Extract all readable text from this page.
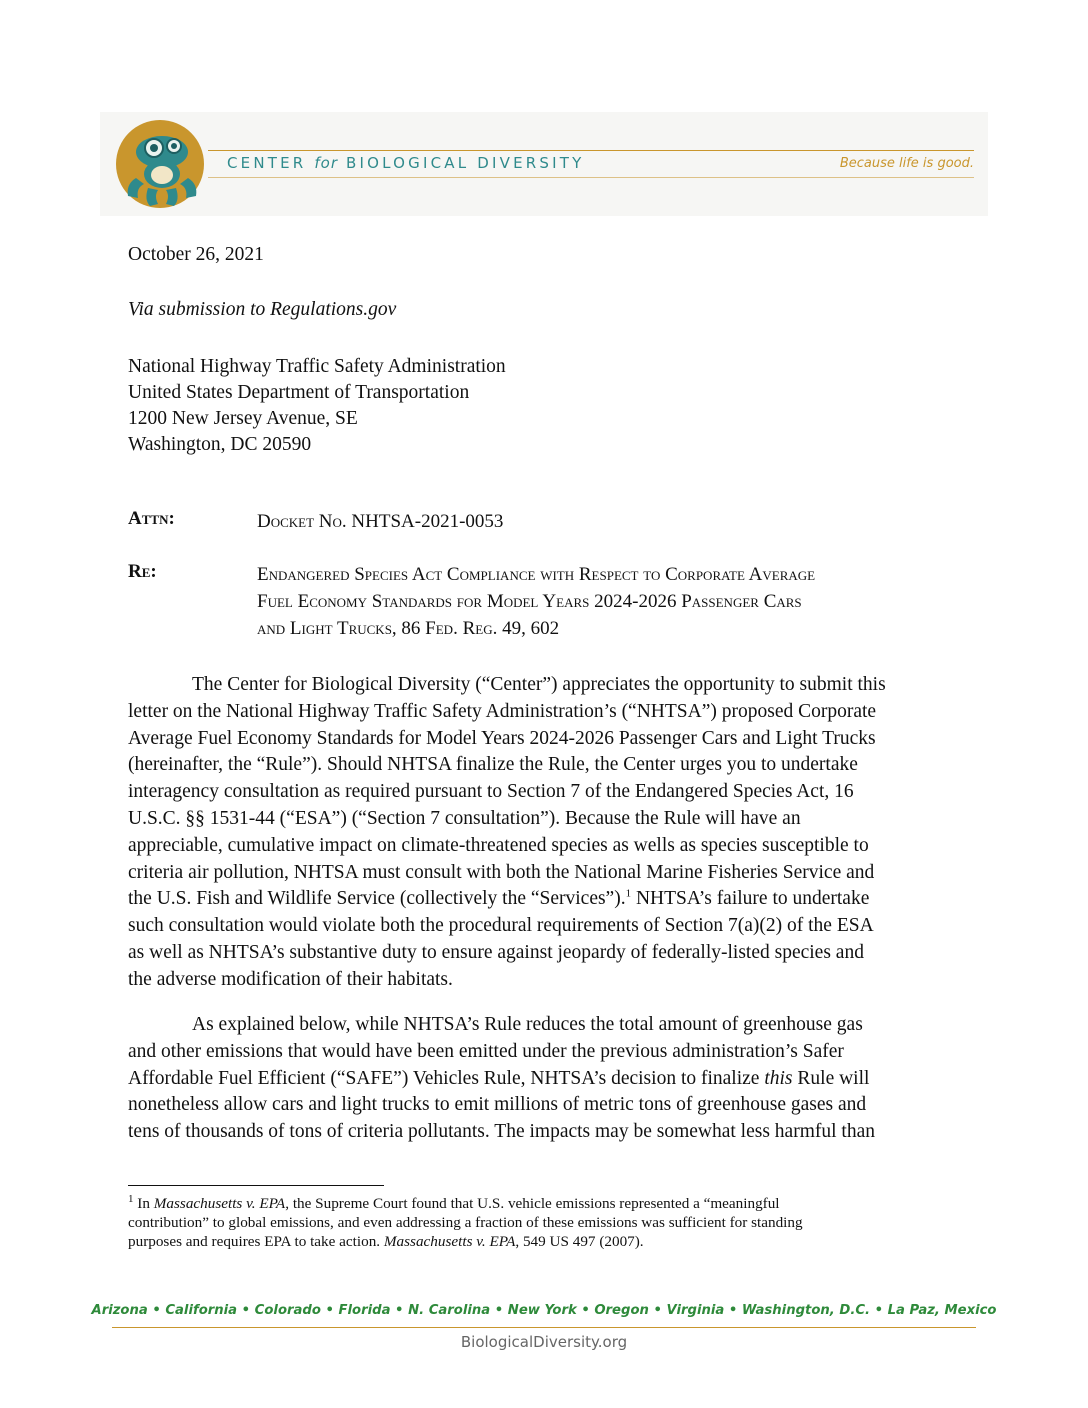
CENTER for BIOLOGICAL DIVERSITY	Because life is good.
October 26, 2021
Via submission to Regulations.gov
National Highway Traffic Safety Administration
United States Department of Transportation
1200 New Jersey Avenue, SE
Washington, DC 20590
Attn:	Docket No. NHTSA-2021-0053
Re:	Endangered Species Act Compliance with Respect to Corporate Average
Fuel Economy Standards for Model Years 2024-2026 Passenger Cars
and Light Trucks, 86 Fed. Reg. 49, 602
The Center for Biological Diversity (“Center”) appreciates the opportunity to submit this
letter on the National Highway Traffic Safety Administration’s (“NHTSA”) proposed Corporate
Average Fuel Economy Standards for Model Years 2024-2026 Passenger Cars and Light Trucks
(hereinafter, the “Rule”). Should NHTSA finalize the Rule, the Center urges you to undertake
interagency consultation as required pursuant to Section 7 of the Endangered Species Act, 16
U.S.C. §§ 1531-44 (“ESA”) (“Section 7 consultation”). Because the Rule will have an
appreciable, cumulative impact on climate-threatened species as wells as species susceptible to
criteria air pollution, NHTSA must consult with both the National Marine Fisheries Service and
the U.S. Fish and Wildlife Service (collectively the “Services”).$^1$ NHTSA’s failure to undertake
such consultation would violate both the procedural requirements of Section 7(a)(2) of the ESA
as well as NHTSA’s substantive duty to ensure against jeopardy of federally-listed species and
the adverse modification of their habitats.
As explained below, while NHTSA’s Rule reduces the total amount of greenhouse gas
and other emissions that would have been emitted under the previous administration’s Safer
Affordable Fuel Efficient (“SAFE”) Vehicles Rule, NHTSA’s decision to finalize this Rule will
nonetheless allow cars and light trucks to emit millions of metric tons of greenhouse gases and
tens of thousands of tons of criteria pollutants. The impacts may be somewhat less harmful than
$^1$ In Massachusetts v. EPA, the Supreme Court found that U.S. vehicle emissions represented a “meaningful
contribution” to global emissions, and even addressing a fraction of these emissions was sufficient for standing
purposes and requires EPA to take action. Massachusetts v. EPA, 549 US 497 (2007).
Arizona • California • Colorado • Florida • N. Carolina • New York • Oregon • Virginia • Washington, D.C. • La Paz, Mexico
BiologicalDiversity.org
